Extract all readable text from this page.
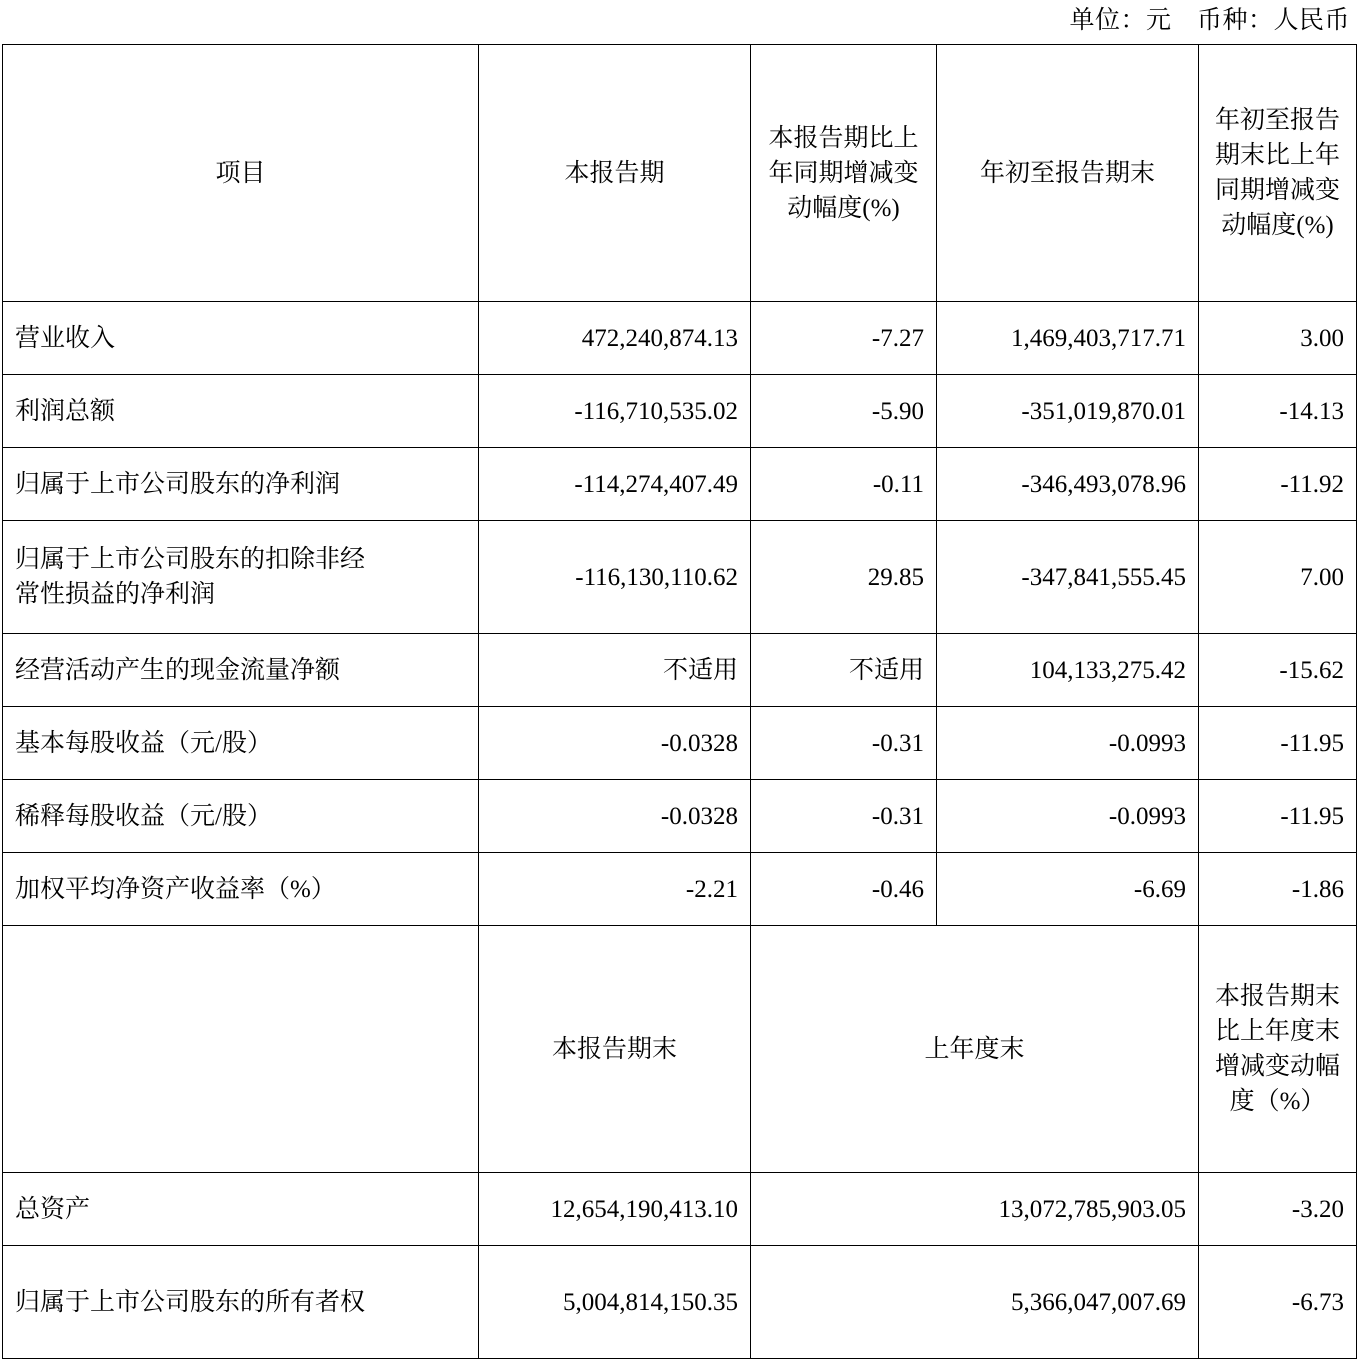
单位：元　币种：人民币
项目	本报告期	本报告期比上年同期增减变动幅度(%)	年初至报告期末	年初至报告期末比上年同期增减变动幅度(%)
营业收入	472,240,874.13	-7.27	1,469,403,717.71	3.00
利润总额	-116,710,535.02	-5.90	-351,019,870.01	-14.13
归属于上市公司股东的净利润	-114,274,407.49	-0.11	-346,493,078.96	-11.92

归属于上市公司股东的扣除非经
常性损益的净利润	-116,130,110.62	29.85	-347,841,555.45	7.00
经营活动产生的现金流量净额	不适用	不适用	104,133,275.42	-15.62
基本每股收益（元/股）	-0.0328	-0.31	-0.0993	-11.95
稀释每股收益（元/股）	-0.0328	-0.31	-0.0993	-11.95
加权平均净资产收益率（%）	-2.21	-0.46	-6.69	-1.86
	本报告期末	上年度末		本报告期末比上年度末增减变动幅度（%）
总资产	12,654,190,413.10	13,072,785,903.05		-3.20
归属于上市公司股东的所有者权	5,004,814,150.35	5,366,047,007.69		-6.73
